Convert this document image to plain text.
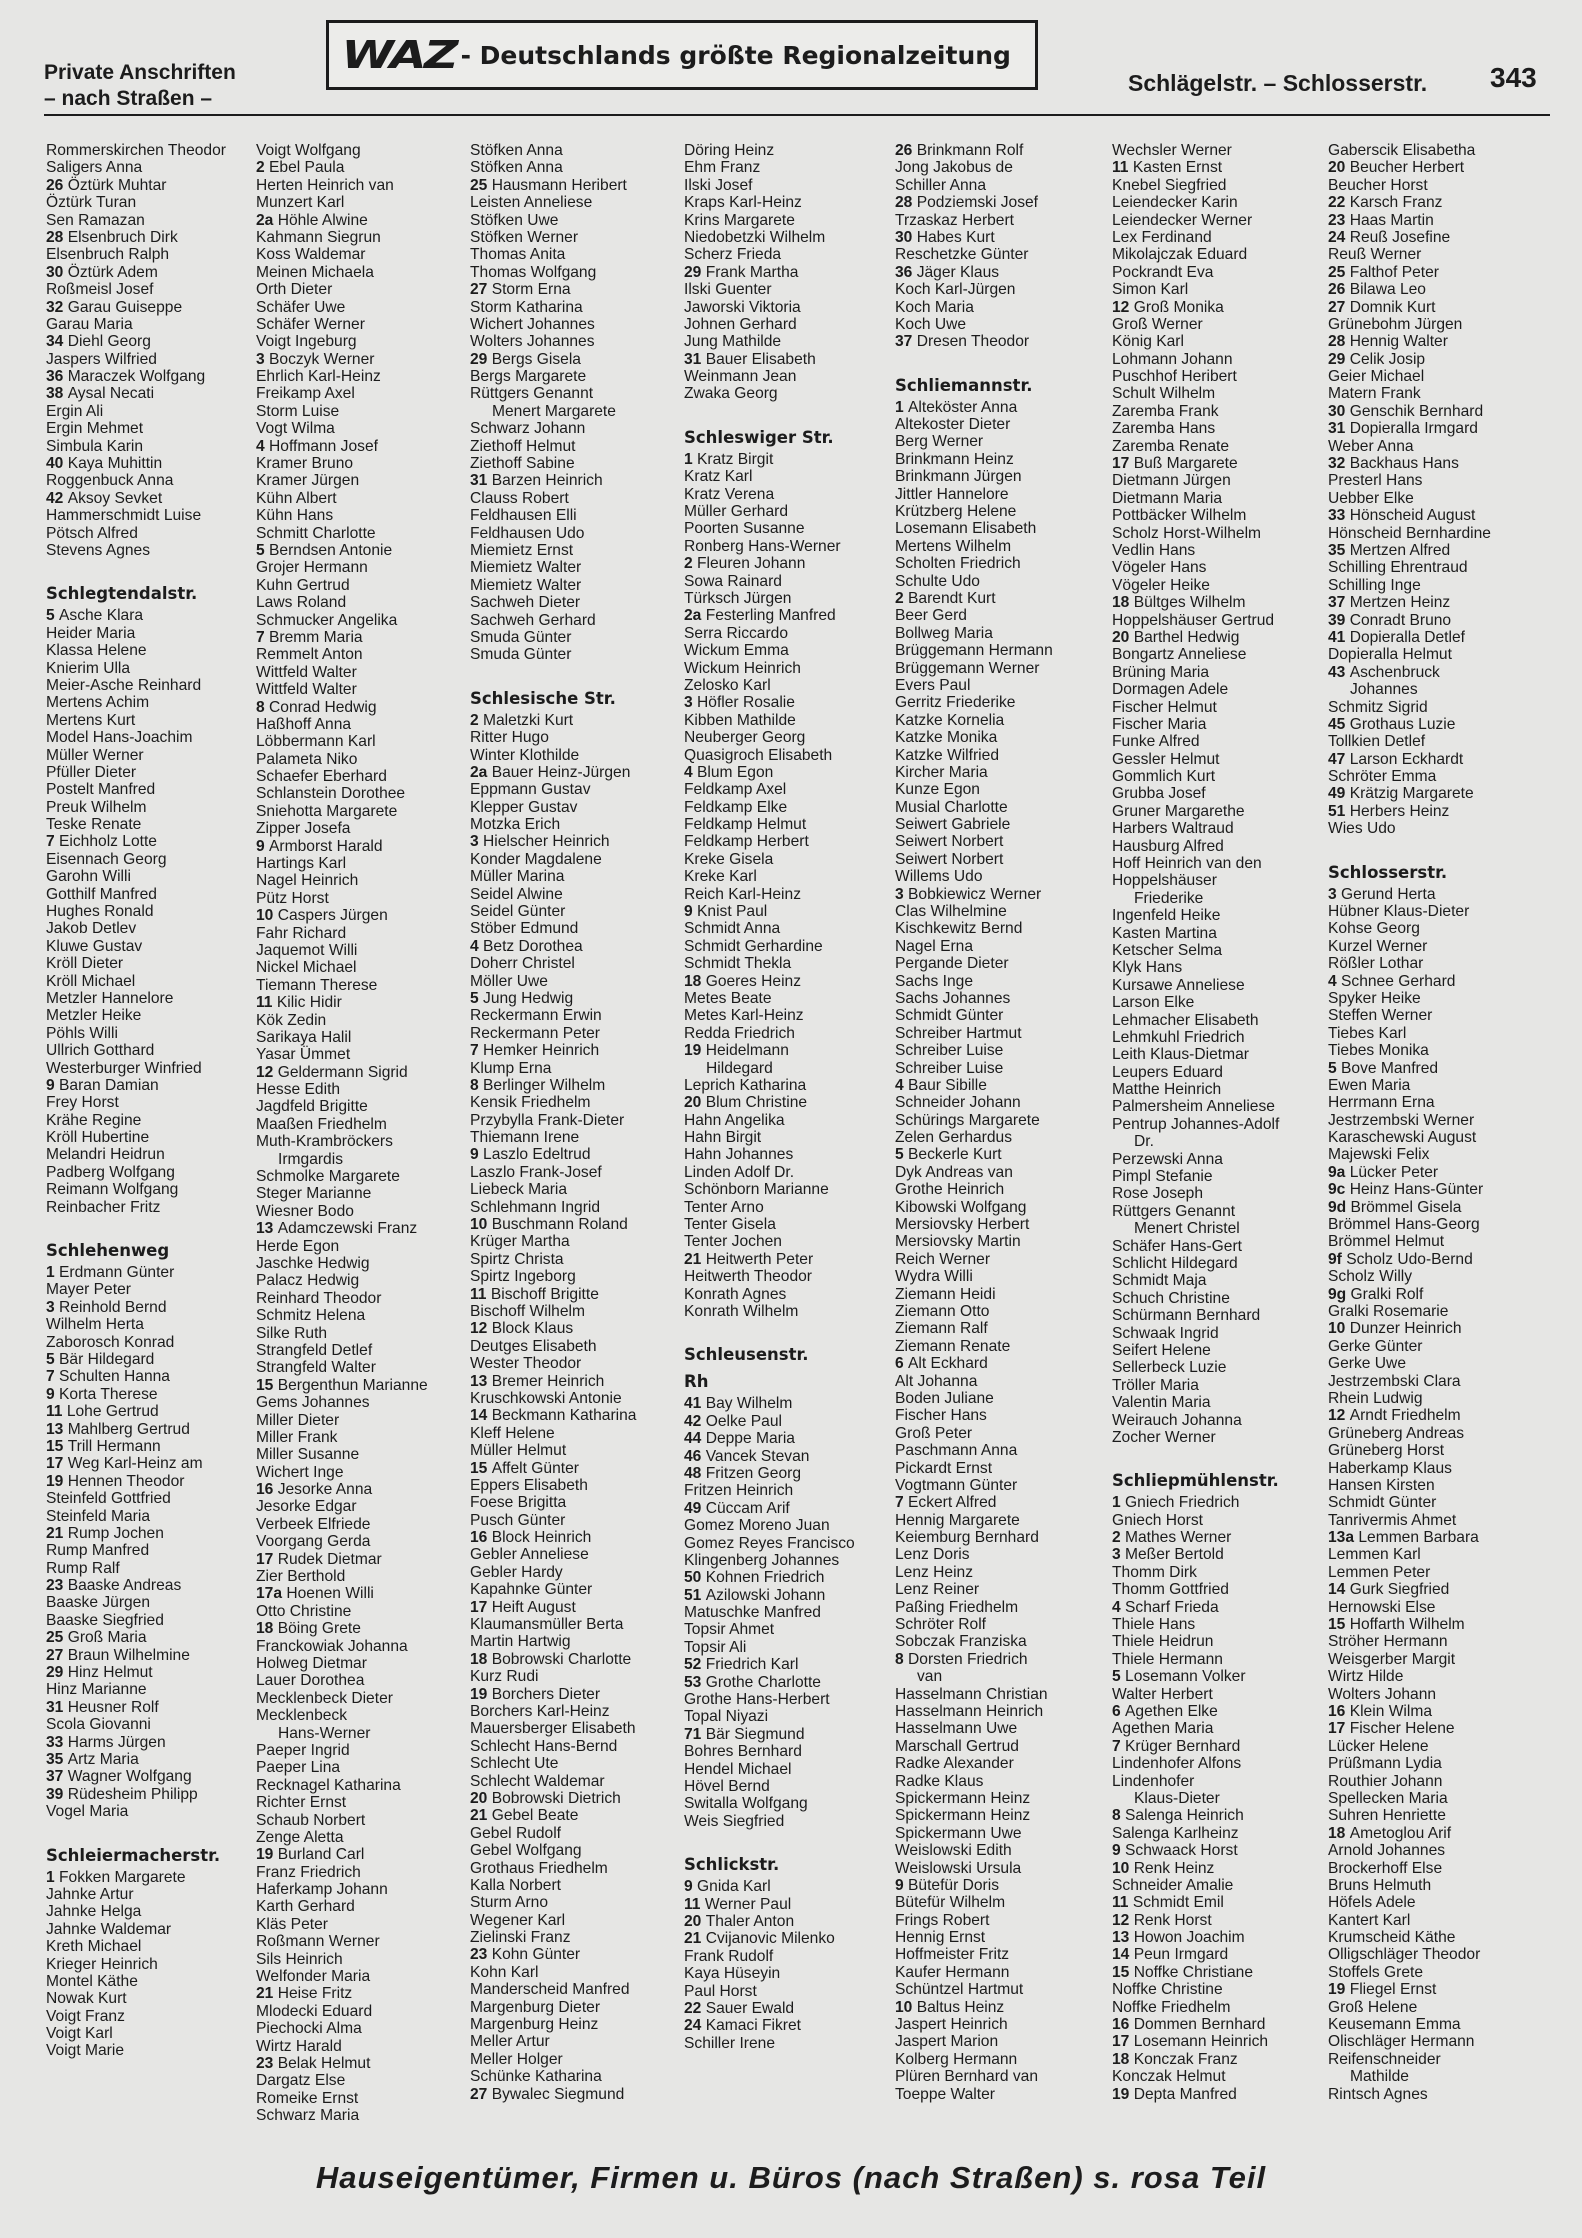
Private Anschriften
– nach Straßen –
WAZ - Deutschlands größte Regionalzeitung
Schlägelstr. – Schlosserstr. 343
Rommerskirchen Theodor
Saligers Anna
26 Öztürk Muhtar
Öztürk Turan
Sen Ramazan
28 Elsenbruch Dirk
Elsenbruch Ralph
30 Öztürk Adem
Roßmeisl Josef
32 Garau Guiseppe
Garau Maria
34 Diehl Georg
Jaspers Wilfried
36 Maraczek Wolfgang
38 Aysal Necati
Ergin Ali
Ergin Mehmet
Simbula Karin
40 Kaya Muhittin
Roggenbuck Anna
42 Aksoy Sevket
Hammerschmidt Luise
Pötsch Alfred
Stevens Agnes
Schlegtendalstr.
5 Asche Klara
Heider Maria
Klassa Helene
Knierim Ulla
Meier-Asche Reinhard
Mertens Achim
Mertens Kurt
Model Hans-Joachim
Müller Werner
Pfüller Dieter
Postelt Manfred
Preuk Wilhelm
Teske Renate
7 Eichholz Lotte
Eisennach Georg
Garohn Willi
Gotthilf Manfred
Hughes Ronald
Jakob Detlev
Kluwe Gustav
Kröll Dieter
Kröll Michael
Metzler Hannelore
Metzler Heike
Pöhls Willi
Ullrich Gotthard
Westerburger Winfried
9 Baran Damian
Frey Horst
Krähe Regine
Kröll Hubertine
Melandri Heidrun
Padberg Wolfgang
Reimann Wolfgang
Reinbacher Fritz
Schlehenweg
1 Erdmann Günter
Mayer Peter
3 Reinhold Bernd
Wilhelm Herta
Zaborosch Konrad
5 Bär Hildegard
7 Schulten Hanna
9 Korta Therese
11 Lohe Gertrud
13 Mahlberg Gertrud
15 Trill Hermann
17 Weg Karl-Heinz am
19 Hennen Theodor
Steinfeld Gottfried
Steinfeld Maria
21 Rump Jochen
Rump Manfred
Rump Ralf
23 Baaske Andreas
Baaske Jürgen
Baaske Siegfried
25 Groß Maria
27 Braun Wilhelmine
29 Hinz Helmut
Hinz Marianne
31 Heusner Rolf
Scola Giovanni
33 Harms Jürgen
35 Artz Maria
37 Wagner Wolfgang
39 Rüdesheim Philipp
Vogel Maria
Schleiermacherstr.
1 Fokken Margarete
Jahnke Artur
Jahnke Helga
Jahnke Waldemar
Kreth Michael
Krieger Heinrich
Montel Käthe
Nowak Kurt
Voigt Franz
Voigt Karl
Voigt Marie
Voigt Wolfgang
2 Ebel Paula
Herten Heinrich van
Munzert Karl
2a Höhle Alwine
Kahmann Siegrun
Koss Waldemar
Meinen Michaela
Orth Dieter
Schäfer Uwe
Schäfer Werner
Voigt Ingeburg
3 Boczyk Werner
Ehrlich Karl-Heinz
Freikamp Axel
Storm Luise
Vogt Wilma
4 Hoffmann Josef
Kramer Bruno
Kramer Jürgen
Kühn Albert
Kühn Hans
Schmitt Charlotte
5 Berndsen Antonie
Grojer Hermann
Kuhn Gertrud
Laws Roland
Schmucker Angelika
7 Bremm Maria
Remmelt Anton
Wittfeld Walter
Wittfeld Walter
8 Conrad Hedwig
Haßhoff Anna
Löbbermann Karl
Palameta Niko
Schaefer Eberhard
Schlanstein Dorothee
Sniehotta Margarete
Zipper Josefa
9 Armborst Harald
Hartings Karl
Nagel Heinrich
Pütz Horst
10 Caspers Jürgen
Fahr Richard
Jaquemot Willi
Nickel Michael
Tiemann Therese
11 Kilic Hidir
Kök Zedin
Sarikaya Halil
Yasar Ümmet
12 Geldermann Sigrid
Hesse Edith
Jagdfeld Brigitte
Maaßen Friedhelm
Muth-Krambröckers
Irmgardis
Schmolke Margarete
Steger Marianne
Wiesner Bodo
13 Adamczewski Franz
Herde Egon
Jaschke Hedwig
Palacz Hedwig
Reinhard Theodor
Schmitz Helena
Silke Ruth
Strangfeld Detlef
Strangfeld Walter
15 Bergenthun Marianne
Gems Johannes
Miller Dieter
Miller Frank
Miller Susanne
Wichert Inge
16 Jesorke Anna
Jesorke Edgar
Verbeek Elfriede
Voorgang Gerda
17 Rudek Dietmar
Zier Berthold
17a Hoenen Willi
Otto Christine
18 Böing Grete
Franckowiak Johanna
Holweg Dietmar
Lauer Dorothea
Mecklenbeck Dieter
Mecklenbeck
Hans-Werner
Paeper Ingrid
Paeper Lina
Recknagel Katharina
Richter Ernst
Schaub Norbert
Zenge Aletta
19 Burland Carl
Franz Friedrich
Haferkamp Johann
Karth Gerhard
Kläs Peter
Roßmann Werner
Sils Heinrich
Welfonder Maria
21 Heise Fritz
Mlodecki Eduard
Piechocki Alma
Wirtz Harald
23 Belak Helmut
Dargatz Else
Romeike Ernst
Schwarz Maria
Stöfken Anna
Stöfken Anna
25 Hausmann Heribert
Leisten Anneliese
Stöfken Uwe
Stöfken Werner
Thomas Anita
Thomas Wolfgang
27 Storm Erna
Storm Katharina
Wichert Johannes
Wolters Johannes
29 Bergs Gisela
Bergs Margarete
Rüttgers Genannt
Menert Margarete
Schwarz Johann
Ziethoff Helmut
Ziethoff Sabine
31 Barzen Heinrich
Clauss Robert
Feldhausen Elli
Feldhausen Udo
Miemietz Ernst
Miemietz Walter
Miemietz Walter
Sachweh Dieter
Sachweh Gerhard
Smuda Günter
Smuda Günter
Schlesische Str.
2 Maletzki Kurt
Ritter Hugo
Winter Klothilde
2a Bauer Heinz-Jürgen
Eppmann Gustav
Klepper Gustav
Motzka Erich
3 Hielscher Heinrich
Konder Magdalene
Müller Marina
Seidel Alwine
Seidel Günter
Stöber Edmund
4 Betz Dorothea
Doherr Christel
Möller Uwe
5 Jung Hedwig
Reckermann Erwin
Reckermann Peter
7 Hemker Heinrich
Klump Erna
8 Berlinger Wilhelm
Kensik Friedhelm
Przybylla Frank-Dieter
Thiemann Irene
9 Laszlo Edeltrud
Laszlo Frank-Josef
Liebeck Maria
Schlehmann Ingrid
10 Buschmann Roland
Krüger Martha
Spirtz Christa
Spirtz Ingeborg
11 Bischoff Brigitte
Bischoff Wilhelm
12 Block Klaus
Deutges Elisabeth
Wester Theodor
13 Bremer Heinrich
Kruschkowski Antonie
14 Beckmann Katharina
Kleff Helene
Müller Helmut
15 Affelt Günter
Eppers Elisabeth
Foese Brigitta
Pusch Günter
16 Block Heinrich
Gebler Anneliese
Gebler Hardy
Kapahnke Günter
17 Heift August
Klaumansmüller Berta
Martin Hartwig
18 Bobrowski Charlotte
Kurz Rudi
19 Borchers Dieter
Borchers Karl-Heinz
Mauersberger Elisabeth
Schlecht Hans-Bernd
Schlecht Ute
Schlecht Waldemar
20 Bobrowski Dietrich
21 Gebel Beate
Gebel Rudolf
Gebel Wolfgang
Grothaus Friedhelm
Kalla Norbert
Sturm Arno
Wegener Karl
Zielinski Franz
23 Kohn Günter
Kohn Karl
Manderscheid Manfred
Margenburg Dieter
Margenburg Heinz
Meller Artur
Meller Holger
Schünke Katharina
27 Bywalec Siegmund
Döring Heinz
Ehm Franz
Ilski Josef
Kraps Karl-Heinz
Krins Margarete
Niedobetzki Wilhelm
Scherz Frieda
29 Frank Martha
Ilski Guenter
Jaworski Viktoria
Johnen Gerhard
Jung Mathilde
31 Bauer Elisabeth
Weinmann Jean
Zwaka Georg
Schleswiger Str.
1 Kratz Birgit
Kratz Karl
Kratz Verena
Müller Gerhard
Poorten Susanne
Ronberg Hans-Werner
2 Fleuren Johann
Sowa Rainard
Türksch Jürgen
2a Festerling Manfred
Serra Riccardo
Wickum Emma
Wickum Heinrich
Zelosko Karl
3 Höfler Rosalie
Kibben Mathilde
Neuberger Georg
Quasigroch Elisabeth
4 Blum Egon
Feldkamp Axel
Feldkamp Elke
Feldkamp Helmut
Feldkamp Herbert
Kreke Gisela
Kreke Karl
Reich Karl-Heinz
9 Knist Paul
Schmidt Anna
Schmidt Gerhardine
Schmidt Thekla
18 Goeres Heinz
Metes Beate
Metes Karl-Heinz
Redda Friedrich
19 Heidelmann
Hildegard
Leprich Katharina
20 Blum Christine
Hahn Angelika
Hahn Birgit
Hahn Johannes
Linden Adolf Dr.
Schönborn Marianne
Tenter Arno
Tenter Gisela
Tenter Jochen
21 Heitwerth Peter
Heitwerth Theodor
Konrath Agnes
Konrath Wilhelm
Schleusenstr.
Rh
41 Bay Wilhelm
42 Oelke Paul
44 Deppe Maria
46 Vancek Stevan
48 Fritzen Georg
Fritzen Heinrich
49 Cüccam Arif
Gomez Moreno Juan
Gomez Reyes Francisco
Klingenberg Johannes
50 Kohnen Friedrich
51 Azilowski Johann
Matuschke Manfred
Topsir Ahmet
Topsir Ali
52 Friedrich Karl
53 Grothe Charlotte
Grothe Hans-Herbert
Topal Niyazi
71 Bär Siegmund
Bohres Bernhard
Hendel Michael
Hövel Bernd
Switalla Wolfgang
Weis Siegfried
Schlickstr.
9 Gnida Karl
11 Werner Paul
20 Thaler Anton
21 Cvijanovic Milenko
Frank Rudolf
Kaya Hüseyin
Paul Horst
22 Sauer Ewald
24 Kamaci Fikret
Schiller Irene
26 Brinkmann Rolf
Jong Jakobus de
Schiller Anna
28 Podziemski Josef
Trzaskaz Herbert
30 Habes Kurt
Reschetzke Günter
36 Jäger Klaus
Koch Karl-Jürgen
Koch Maria
Koch Uwe
37 Dresen Theodor
Schliemannstr.
1 Alteköster Anna
Altekoster Dieter
Berg Werner
Brinkmann Heinz
Brinkmann Jürgen
Jittler Hannelore
Krützberg Helene
Losemann Elisabeth
Mertens Wilhelm
Scholten Friedrich
Schulte Udo
2 Barendt Kurt
Beer Gerd
Bollweg Maria
Brüggemann Hermann
Brüggemann Werner
Evers Paul
Gerritz Friederike
Katzke Kornelia
Katzke Monika
Katzke Wilfried
Kircher Maria
Kunze Egon
Musial Charlotte
Seiwert Gabriele
Seiwert Norbert
Seiwert Norbert
Willems Udo
3 Bobkiewicz Werner
Clas Wilhelmine
Kischkewitz Bernd
Nagel Erna
Pergande Dieter
Sachs Inge
Sachs Johannes
Schmidt Günter
Schreiber Hartmut
Schreiber Luise
Schreiber Luise
4 Baur Sibille
Schneider Johann
Schürings Margarete
Zelen Gerhardus
5 Beckerle Kurt
Dyk Andreas van
Grothe Heinrich
Kibowski Wolfgang
Mersiovsky Herbert
Mersiovsky Martin
Reich Werner
Wydra Willi
Ziemann Heidi
Ziemann Otto
Ziemann Ralf
Ziemann Renate
6 Alt Eckhard
Alt Johanna
Boden Juliane
Fischer Hans
Groß Peter
Paschmann Anna
Pickardt Ernst
Vogtmann Günter
7 Eckert Alfred
Hennig Margarete
Keiemburg Bernhard
Lenz Doris
Lenz Heinz
Lenz Reiner
Paßing Friedhelm
Schröter Rolf
Sobczak Franziska
8 Dorsten Friedrich
van
Hasselmann Christian
Hasselmann Heinrich
Hasselmann Uwe
Marschall Gertrud
Radke Alexander
Radke Klaus
Spickermann Heinz
Spickermann Heinz
Spickermann Uwe
Weislowski Edith
Weislowski Ursula
9 Bütefür Doris
Bütefür Wilhelm
Frings Robert
Hennig Ernst
Hoffmeister Fritz
Kaufer Hermann
Schüntzel Hartmut
10 Baltus Heinz
Jaspert Heinrich
Jaspert Marion
Kolberg Hermann
Plüren Bernhard van
Toeppe Walter
Wechsler Werner
11 Kasten Ernst
Knebel Siegfried
Leiendecker Karin
Leiendecker Werner
Lex Ferdinand
Mikolajczak Eduard
Pockrandt Eva
Simon Karl
12 Groß Monika
Groß Werner
König Karl
Lohmann Johann
Puschhof Heribert
Schult Wilhelm
Zaremba Frank
Zaremba Hans
Zaremba Renate
17 Buß Margarete
Dietmann Jürgen
Dietmann Maria
Pottbäcker Wilhelm
Scholz Horst-Wilhelm
Vedlin Hans
Vögeler Hans
Vögeler Heike
18 Bültges Wilhelm
Hoppelshäuser Gertrud
20 Barthel Hedwig
Bongartz Anneliese
Brüning Maria
Dormagen Adele
Fischer Helmut
Fischer Maria
Funke Alfred
Gessler Helmut
Gommlich Kurt
Grubba Josef
Gruner Margarethe
Harbers Waltraud
Hausburg Alfred
Hoff Heinrich van den
Hoppelshäuser
Friederike
Ingenfeld Heike
Kasten Martina
Ketscher Selma
Klyk Hans
Kursawe Anneliese
Larson Elke
Lehmacher Elisabeth
Lehmkuhl Friedrich
Leith Klaus-Dietmar
Leupers Eduard
Matthe Heinrich
Palmersheim Anneliese
Pentrup Johannes-Adolf
Dr.
Perzewski Anna
Pimpl Stefanie
Rose Joseph
Rüttgers Genannt
Menert Christel
Schäfer Hans-Gert
Schlicht Hildegard
Schmidt Maja
Schuch Christine
Schürmann Bernhard
Schwaak Ingrid
Seifert Helene
Sellerbeck Luzie
Tröller Maria
Valentin Maria
Weirauch Johanna
Zocher Werner
Schliepmühlenstr.
1 Gniech Friedrich
Gniech Horst
2 Mathes Werner
3 Meßer Bertold
Thomm Dirk
Thomm Gottfried
4 Scharf Frieda
Thiele Hans
Thiele Heidrun
Thiele Hermann
5 Losemann Volker
Walter Herbert
6 Agethen Elke
Agethen Maria
7 Krüger Bernhard
Lindenhofer Alfons
Lindenhofer
Klaus-Dieter
8 Salenga Heinrich
Salenga Karlheinz
9 Schwaack Horst
10 Renk Heinz
Schneider Amalie
11 Schmidt Emil
12 Renk Horst
13 Howon Joachim
14 Peun Irmgard
15 Noffke Christiane
Noffke Christine
Noffke Friedhelm
16 Dommen Bernhard
17 Losemann Heinrich
18 Konczak Franz
Konczak Helmut
19 Depta Manfred
Gaberscik Elisabetha
20 Beucher Herbert
Beucher Horst
22 Karsch Franz
23 Haas Martin
24 Reuß Josefine
Reuß Werner
25 Falthof Peter
26 Bilawa Leo
27 Domnik Kurt
Grünebohm Jürgen
28 Hennig Walter
29 Celik Josip
Geier Michael
Matern Frank
30 Genschik Bernhard
31 Dopieralla Irmgard
Weber Anna
32 Backhaus Hans
Presterl Hans
Uebber Elke
33 Hönscheid August
Hönscheid Bernhardine
35 Mertzen Alfred
Schilling Ehrentraud
Schilling Inge
37 Mertzen Heinz
39 Conradt Bruno
41 Dopieralla Detlef
Dopieralla Helmut
43 Aschenbruck
Johannes
Schmitz Sigrid
45 Grothaus Luzie
Tollkien Detlef
47 Larson Eckhardt
Schröter Emma
49 Krätzig Margarete
51 Herbers Heinz
Wies Udo
Schlosserstr.
3 Gerund Herta
Hübner Klaus-Dieter
Kohse Georg
Kurzel Werner
Rößler Lothar
4 Schnee Gerhard
Spyker Heike
Steffen Werner
Tiebes Karl
Tiebes Monika
5 Bove Manfred
Ewen Maria
Herrmann Erna
Jestrzembski Werner
Karaschewski August
Majewski Felix
9a Lücker Peter
9c Heinz Hans-Günter
9d Brömmel Gisela
Brömmel Hans-Georg
Brömmel Helmut
9f Scholz Udo-Bernd
Scholz Willy
9g Gralki Rolf
Gralki Rosemarie
10 Dunzer Heinrich
Gerke Günter
Gerke Uwe
Jestrzembski Clara
Rhein Ludwig
12 Arndt Friedhelm
Grüneberg Andreas
Grüneberg Horst
Haberkamp Klaus
Hansen Kirsten
Schmidt Günter
Tanrivermis Ahmet
13a Lemmen Barbara
Lemmen Karl
Lemmen Peter
14 Gurk Siegfried
Hernowski Else
15 Hoffarth Wilhelm
Ströher Hermann
Weisgerber Margit
Wirtz Hilde
Wolters Johann
16 Klein Wilma
17 Fischer Helene
Lücker Helene
Prüßmann Lydia
Routhier Johann
Spellecken Maria
Suhren Henriette
18 Ametoglou Arif
Arnold Johannes
Brockerhoff Else
Bruns Helmuth
Höfels Adele
Kantert Karl
Krumscheid Käthe
Olligschläger Theodor
Stoffels Grete
19 Fliegel Ernst
Groß Helene
Keusemann Emma
Olischläger Hermann
Reifenschneider
Mathilde
Rintsch Agnes
Hauseigentümer, Firmen u. Büros (nach Straßen) s. rosa Teil
